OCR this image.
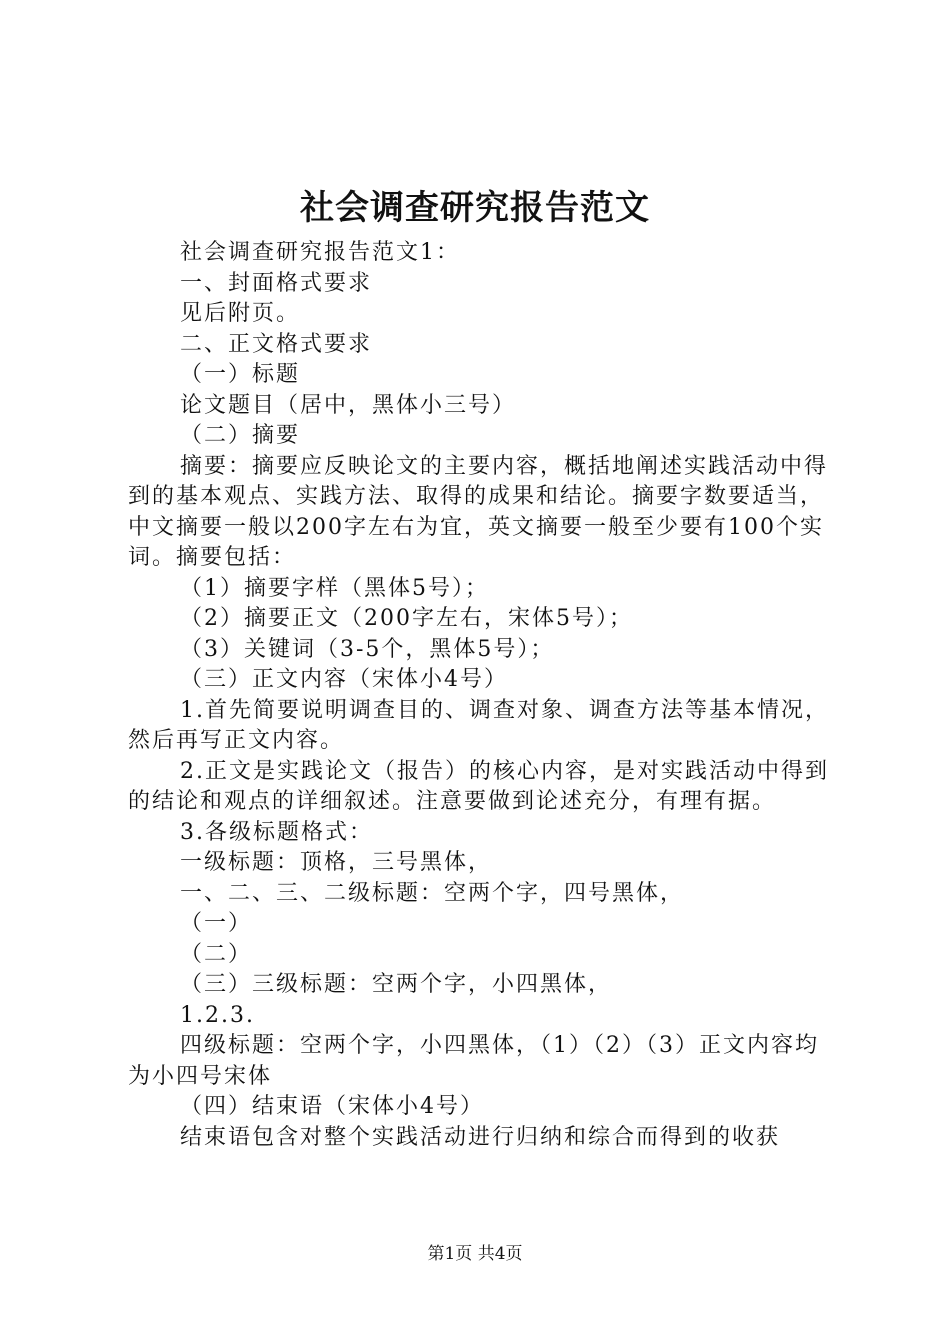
社会调查研究报告范文

社会调查研究报告范文1：

一、封面格式要求

见后附页。

二、正文格式要求

（一）标题

论文题目（居中，黑体小三号）

（二）摘要

摘要：摘要应反映论文的主要内容，概括地阐述实践活动中得到的基本观点、实践方法、取得的成果和结论。摘要字数要适当，中文摘要一般以200字左右为宜，英文摘要一般至少要有100个实词。摘要包括：

（1）摘要字样（黑体5号）；

（2）摘要正文（200字左右，宋体5号）；

（3）关键词（3-5个，黑体5号）；

（三）正文内容（宋体小4号）

1.首先简要说明调查目的、调查对象、调查方法等基本情况，然后再写正文内容。

2.正文是实践论文（报告）的核心内容，是对实践活动中得到的结论和观点的详细叙述。注意要做到论述充分，有理有据。

3.各级标题格式：

一级标题：顶格，三号黑体，

一、二、三、二级标题：空两个字，四号黑体，

（一）

（二）

（三）三级标题：空两个字，小四黑体，

1.2.3.

四级标题：空两个字，小四黑体，（1）（2）（3）正文内容均为小四号宋体

（四）结束语（宋体小4号）

结束语包含对整个实践活动进行归纳和综合而得到的收获

第1页 共4页
